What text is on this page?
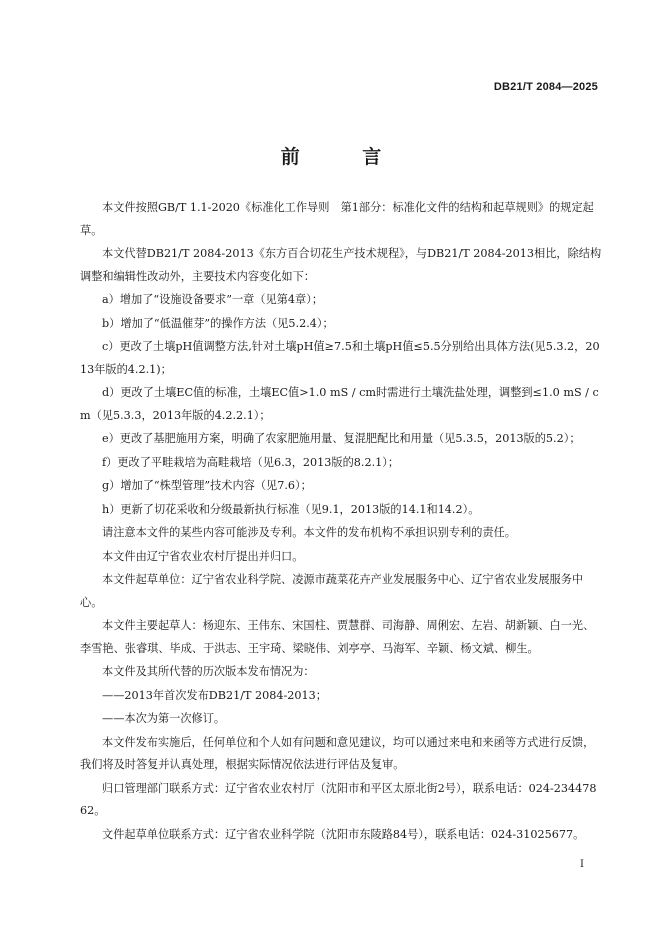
DB21/T 2084—2025
前 言

本文件按照GB/T 1.1-2020《标准化工作导则　第1部分：标准化文件的结构和起草规则》的规定起草。

本文代替DB21/T 2084-2013《东方百合切花生产技术规程》，与DB21/T 2084-2013相比，除结构调整和编辑性改动外，主要技术内容变化如下：

a）增加了“设施设备要求”一章（见第4章）；

b）增加了“低温催芽”的操作方法（见5.2.4）；

c）更改了土壤pH值调整方法,针对土壤pH值≥7.5和土壤pH值≤5.5分别给出具体方法(见5.3.2，2013年版的4.2.1)；

d）更改了土壤EC值的标准，土壤EC值>1.0 mS / cm时需进行土壤洗盐处理，调整到≤1.0 mS / cm（见5.3.3，2013年版的4.2.2.1）；

e）更改了基肥施用方案，明确了农家肥施用量、复混肥配比和用量（见5.3.5，2013版的5.2）；

f）更改了平畦栽培为高畦栽培（见6.3，2013版的8.2.1）；

g）增加了“株型管理”技术内容（见7.6）；

h）更新了切花采收和分级最新执行标准（见9.1，2013版的14.1和14.2）。

请注意本文件的某些内容可能涉及专利。本文件的发布机构不承担识别专利的责任。

本文件由辽宁省农业农村厅提出并归口。

本文件起草单位：辽宁省农业科学院、凌源市蔬菜花卉产业发展服务中心、辽宁省农业发展服务中心。

本文件主要起草人：杨迎东、王伟东、宋国柱、贾慧群、司海静、周俐宏、左岩、胡新颖、白一光、李雪艳、张睿琪、毕成、于洪志、王宇琦、梁晓伟、刘亭亭、马海军、辛颖、杨文斌、柳生。

本文件及其所代替的历次版本发布情况为：

——2013年首次发布DB21/T 2084-2013；

——本次为第一次修订。

本文件发布实施后，任何单位和个人如有问题和意见建议，均可以通过来电和来函等方式进行反馈，我们将及时答复并认真处理，根据实际情况依法进行评估及复审。

归口管理部门联系方式：辽宁省农业农村厅（沈阳市和平区太原北街2号），联系电话：024-23447862。

文件起草单位联系方式：辽宁省农业科学院（沈阳市东陵路84号），联系电话：024-31025677。

I
